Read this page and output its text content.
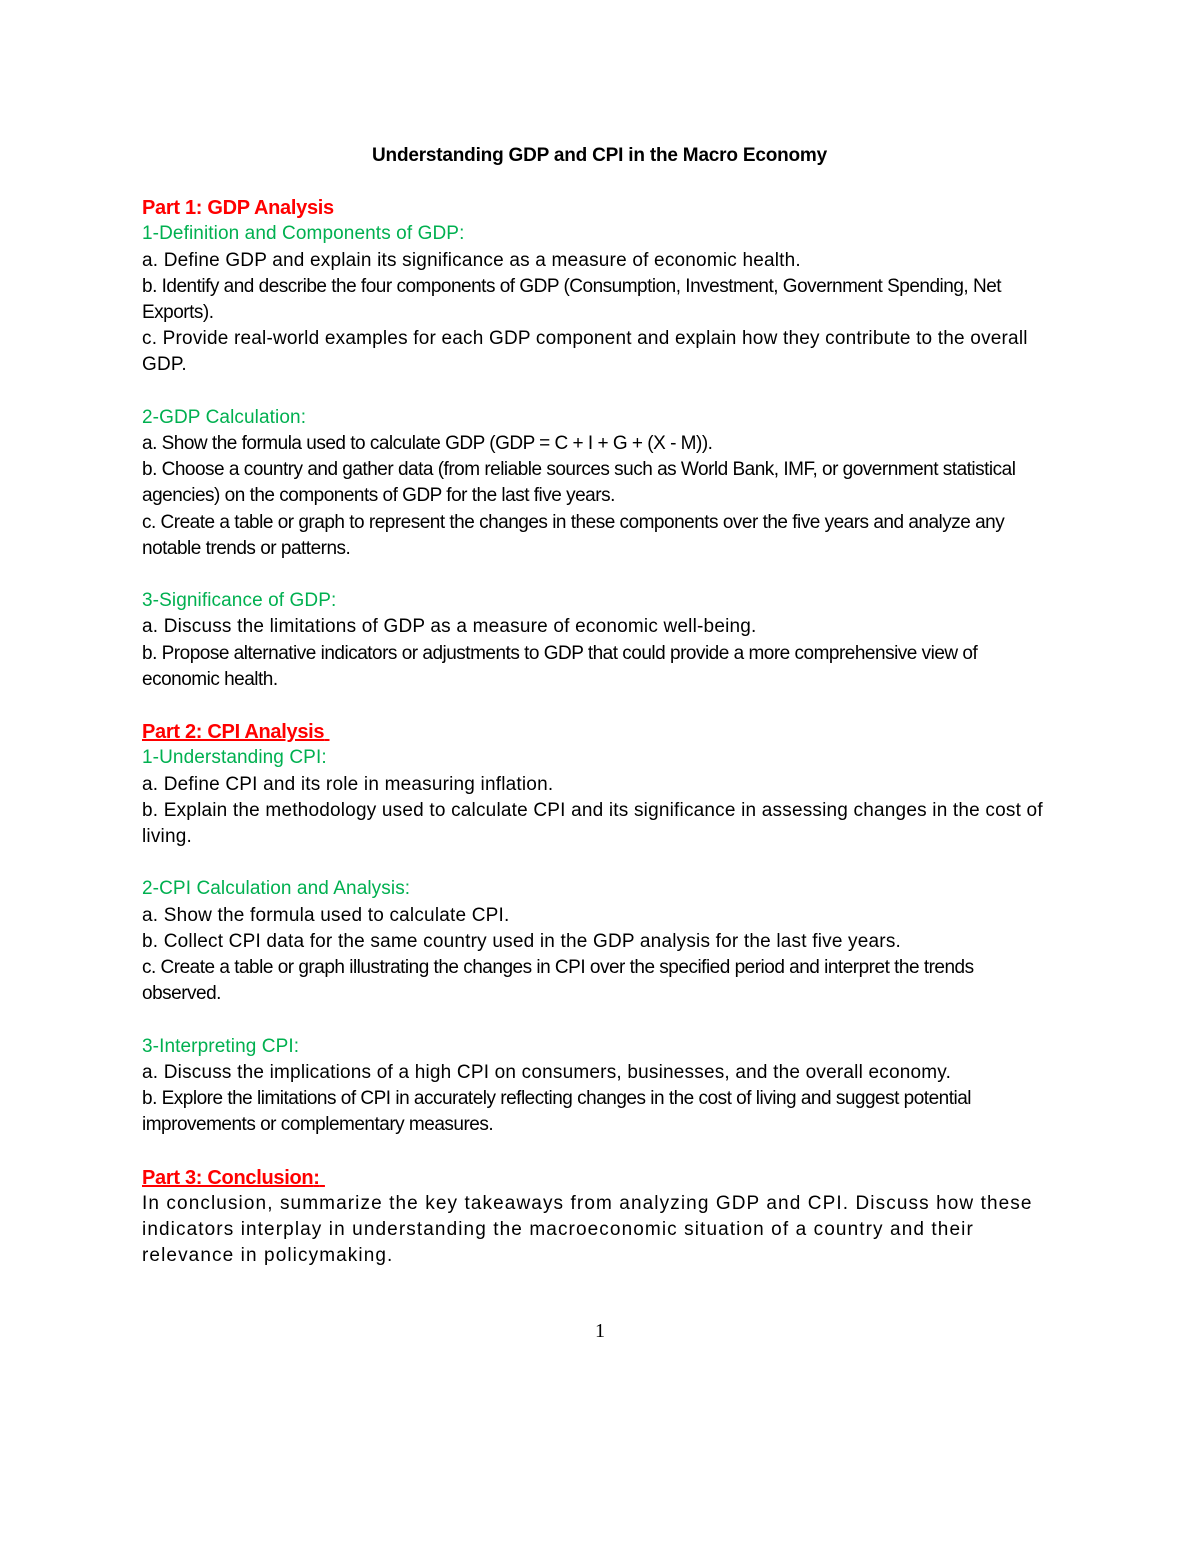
Understanding GDP and CPI in the Macro Economy

Part 1: GDP Analysis

1-Definition and Components of GDP:

a. Define GDP and explain its significance as a measure of economic health.

b. Identify and describe the four components of GDP (Consumption, Investment, Government Spending, Net Exports).

c. Provide real-world examples for each GDP component and explain how they contribute to the overall GDP.

2-GDP Calculation:

a. Show the formula used to calculate GDP (GDP = C + I + G + (X - M)).

b. Choose a country and gather data (from reliable sources such as World Bank, IMF, or government statistical agencies) on the components of GDP for the last five years.

c. Create a table or graph to represent the changes in these components over the five years and analyze any notable trends or patterns.

3-Significance of GDP:

a. Discuss the limitations of GDP as a measure of economic well-being.

b. Propose alternative indicators or adjustments to GDP that could provide a more comprehensive view of economic health.

Part 2: CPI Analysis

1-Understanding CPI:

a. Define CPI and its role in measuring inflation.

b. Explain the methodology used to calculate CPI and its significance in assessing changes in the cost of living.

2-CPI Calculation and Analysis:

a. Show the formula used to calculate CPI.

b. Collect CPI data for the same country used in the GDP analysis for the last five years.

c. Create a table or graph illustrating the changes in CPI over the specified period and interpret the trends observed.

3-Interpreting CPI:

a. Discuss the implications of a high CPI on consumers, businesses, and the overall economy.

b. Explore the limitations of CPI in accurately reflecting changes in the cost of living and suggest potential improvements or complementary measures.

Part 3: Conclusion:

In conclusion, summarize the key takeaways from analyzing GDP and CPI. Discuss how these indicators interplay in understanding the macroeconomic situation of a country and their relevance in policymaking.

1
